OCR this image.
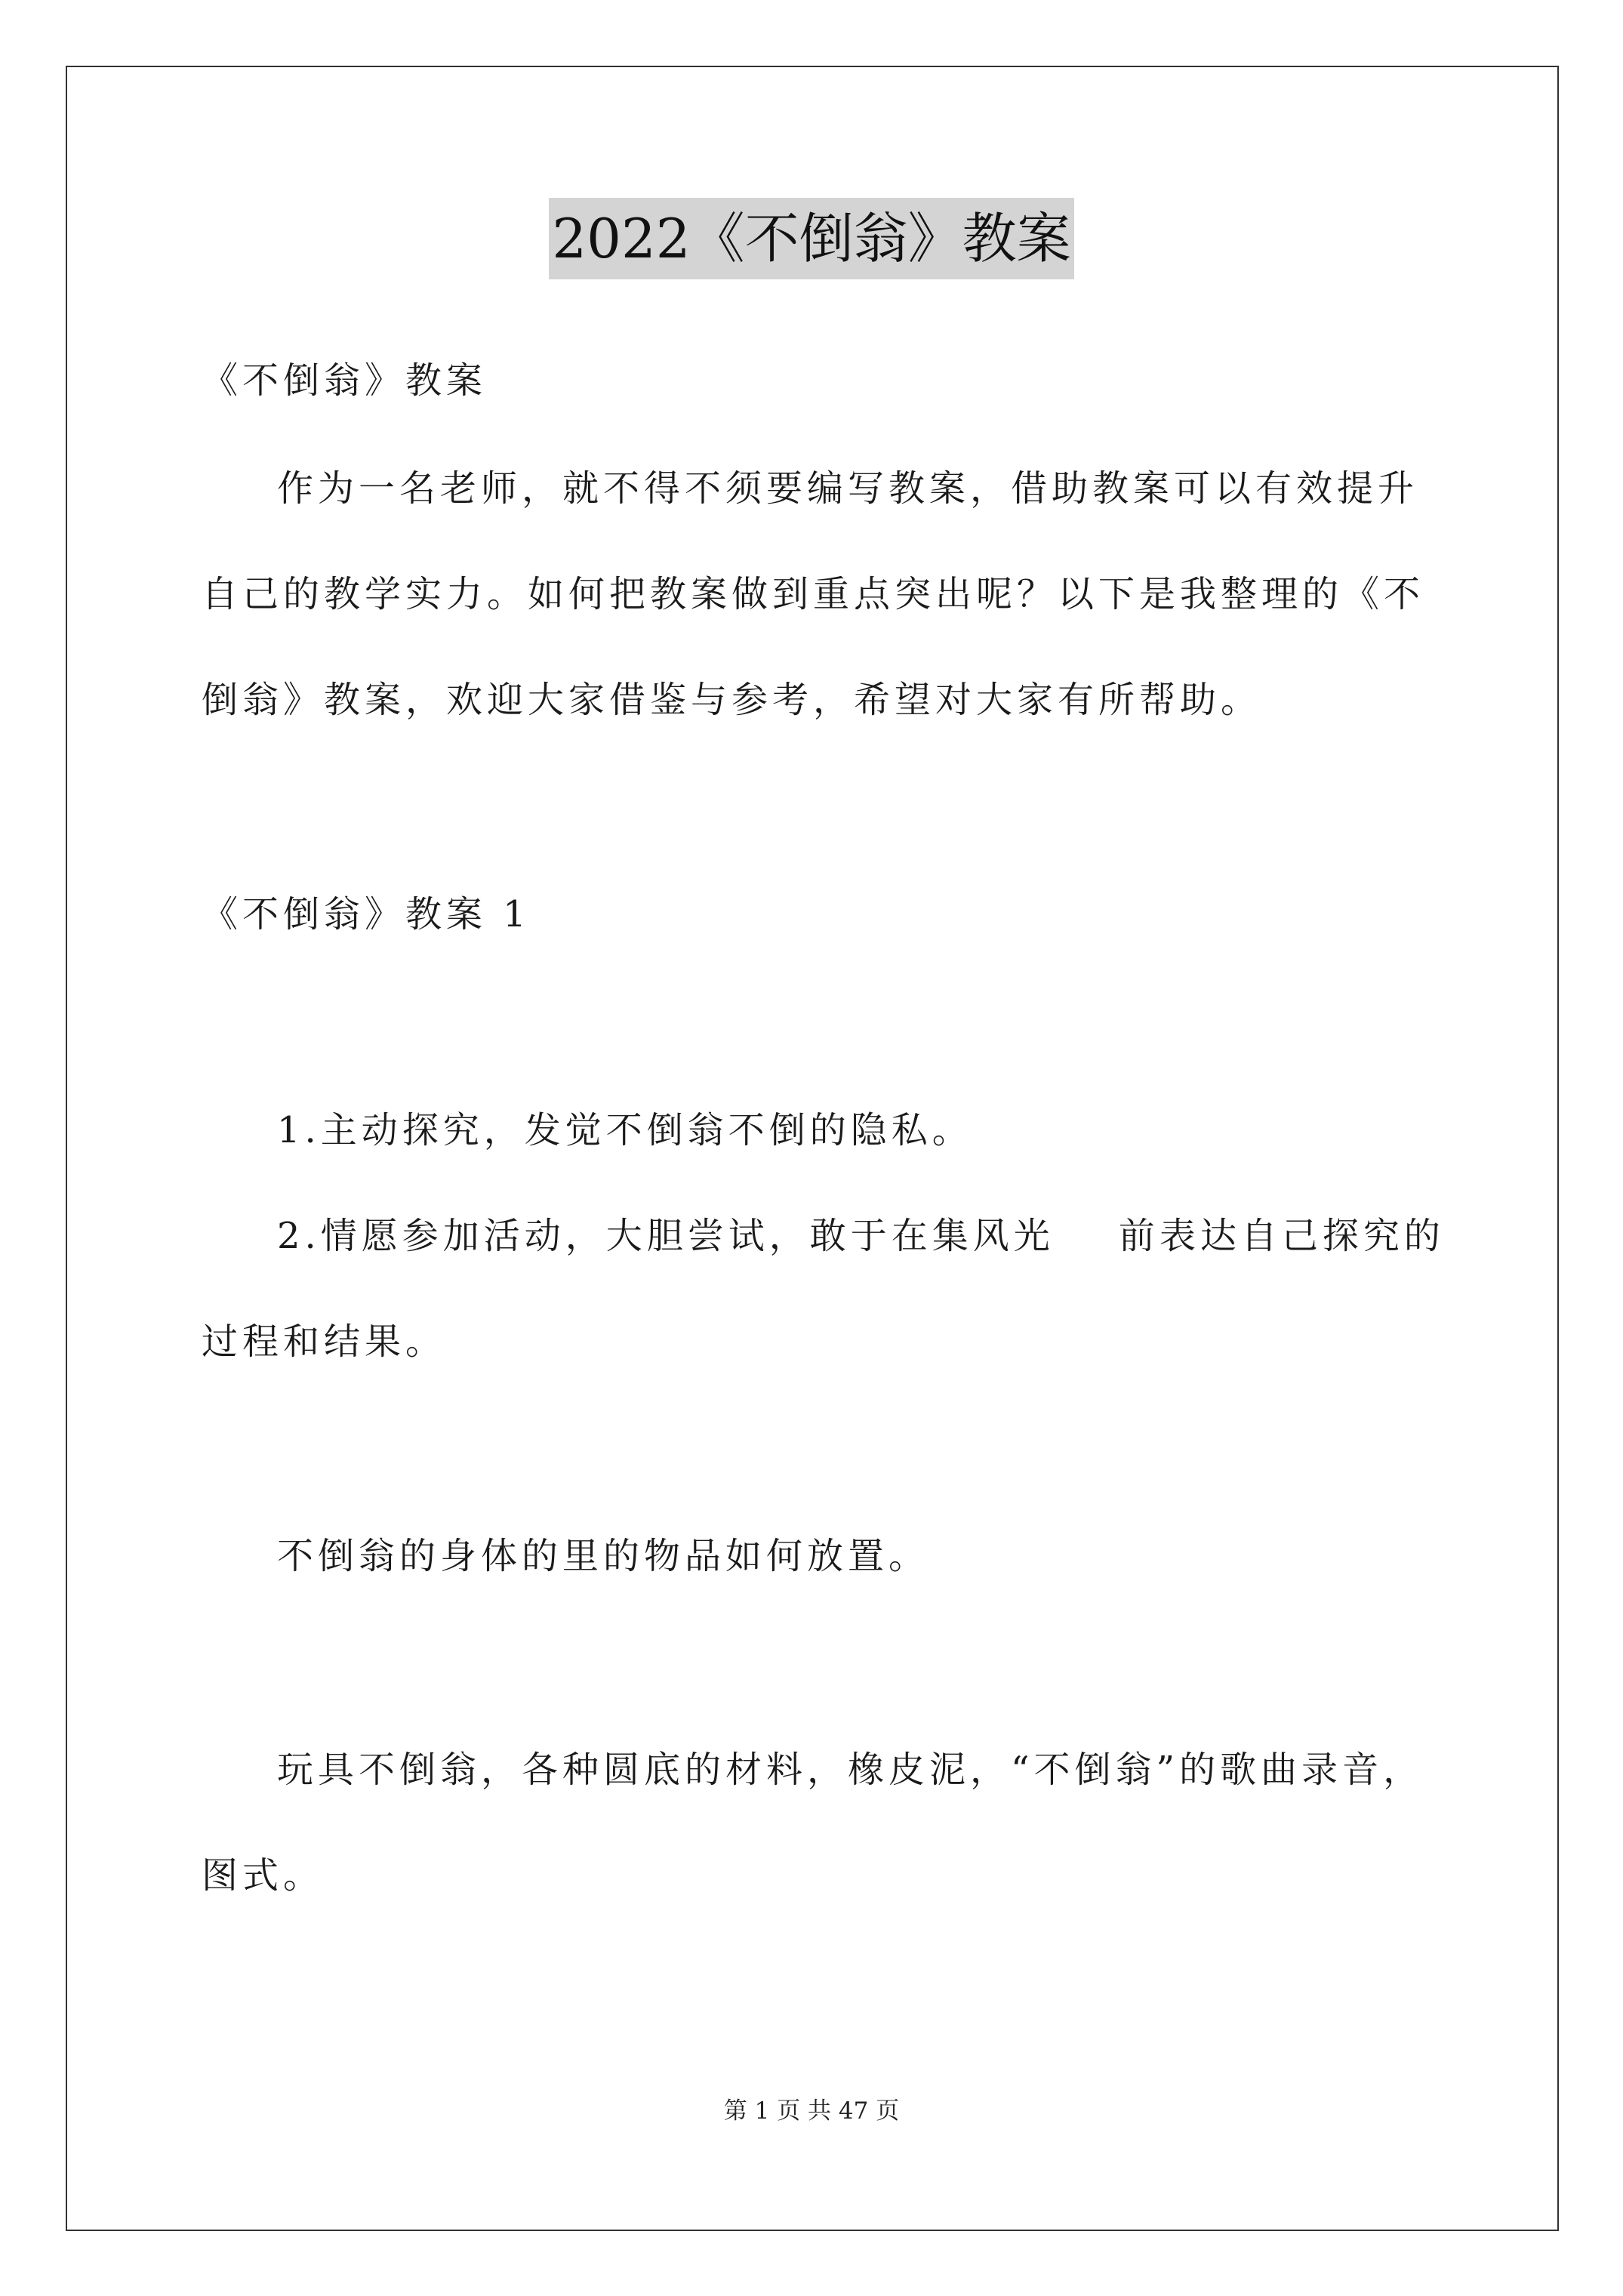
2022《不倒翁》教案
《不倒翁》教案
作为一名老师，就不得不须要编写教案，借助教案可以有效提升
自己的教学实力。如何把教案做到重点突出呢？以下是我整理的《不
倒翁》教案，欢迎大家借鉴与参考，希望对大家有所帮助。
《不倒翁》教案 1
1.主动探究，发觉不倒翁不倒的隐私。
2.情愿参加活动，大胆尝试，敢于在集风光    前表达自己探究的
过程和结果。
不倒翁的身体的里的物品如何放置。
玩具不倒翁，各种圆底的材料，橡皮泥，“不倒翁”的歌曲录音，
图式。
第 1 页 共 47 页
